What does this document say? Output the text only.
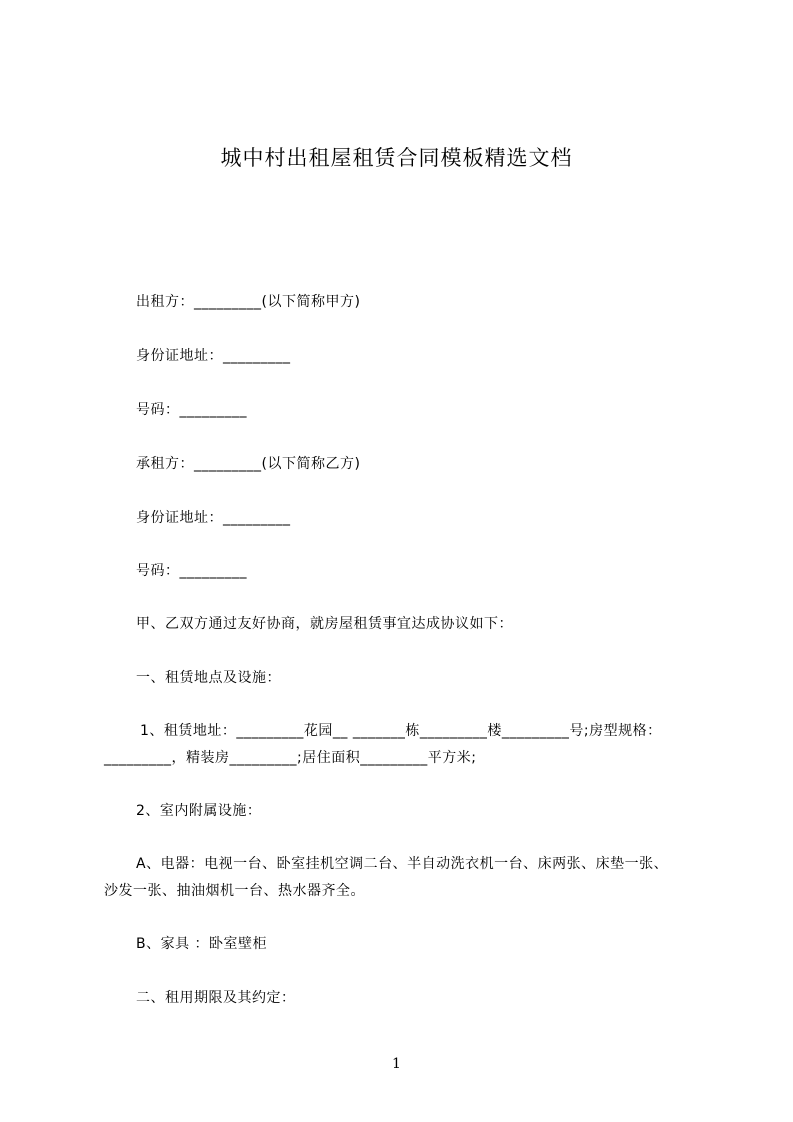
城中村出租屋租赁合同模板精选文档
出租方：_________(以下简称甲方)
身份证地址：_________
号码：_________
承租方：_________(以下简称乙方)
身份证地址：_________
号码：_________
甲、乙双方通过友好协商，就房屋租赁事宜达成协议如下：
一、租赁地点及设施：
1、租赁地址：_________花园__ _______栋_________楼_________号;房型规格：
_________，精装房_________;居住面积_________平方米;
2、室内附属设施：
A、电器：电视一台、卧室挂机空调二台、半自动洗衣机一台、床两张、床垫一张、
沙发一张、抽油烟机一台、热水器齐全。
B、家具 ：卧室壁柜
二、租用期限及其约定：
1
